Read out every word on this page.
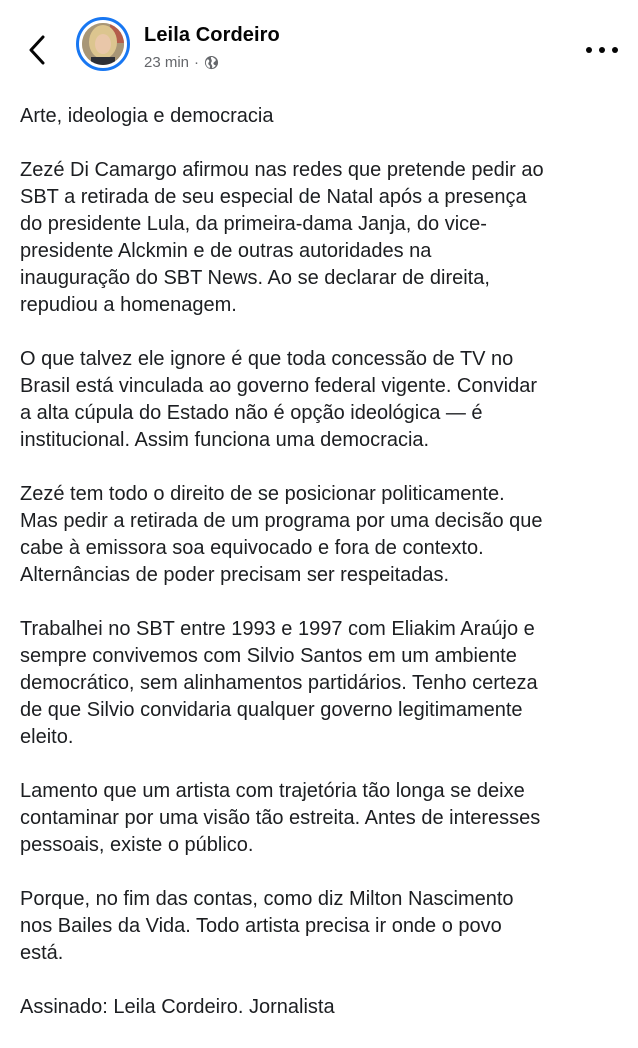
Leila Cordeiro
23 min ·

Arte, ideologia e democracia

Zezé Di Camargo afirmou nas redes que pretende pedir ao
SBT a retirada de seu especial de Natal após a presença
do presidente Lula, da primeira-dama Janja, do vice-
presidente Alckmin e de outras autoridades na
inauguração do SBT News. Ao se declarar de direita,
repudiou a homenagem.

O que talvez ele ignore é que toda concessão de TV no
Brasil está vinculada ao governo federal vigente. Convidar
a alta cúpula do Estado não é opção ideológica — é
institucional. Assim funciona uma democracia.

Zezé tem todo o direito de se posicionar politicamente.
Mas pedir a retirada de um programa por uma decisão que
cabe à emissora soa equivocado e fora de contexto.
Alternâncias de poder precisam ser respeitadas.

Trabalhei no SBT entre 1993 e 1997 com Eliakim Araújo e
sempre convivemos com Silvio Santos em um ambiente
democrático, sem alinhamentos partidários. Tenho certeza
de que Silvio convidaria qualquer governo legitimamente
eleito.

Lamento que um artista com trajetória tão longa se deixe
contaminar por uma visão tão estreita. Antes de interesses
pessoais, existe o público.

Porque, no fim das contas, como diz Milton Nascimento
nos Bailes da Vida. Todo artista precisa ir onde o povo
está.

Assinado: Leila Cordeiro. Jornalista
